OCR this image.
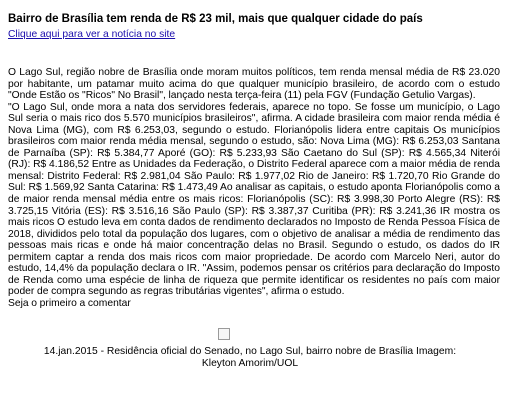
Bairro de Brasília tem renda de R$ 23 mil, mais que qualquer cidade do país
Clique aqui para ver a notícia no site

O Lago Sul, região nobre de Brasília onde moram muitos políticos, tem renda mensal média de R$ 23.020 por habitante, um patamar muito acima do que qualquer município brasileiro, de acordo com o estudo "Onde Estão os "Ricos" No Brasil", lançado nesta terça-feira (11) pela FGV (Fundação Getulio Vargas).

"O Lago Sul, onde mora a nata dos servidores federais, aparece no topo. Se fosse um município, o Lago Sul seria o mais rico dos 5.570 municípios brasileiros", afirma. A cidade brasileira com maior renda média é Nova Lima (MG), com R$ 6.253,03, segundo o estudo. Florianópolis lidera entre capitais Os municípios brasileiros com maior renda média mensal, segundo o estudo, são: Nova Lima (MG): R$ 6.253,03 Santana de Parnaíba (SP): R$ 5.384,77 Aporé (GO): R$ 5.233,93 São Caetano do Sul (SP): R$ 4.565,34 Niterói (RJ): R$ 4.186,52 Entre as Unidades da Federação, o Distrito Federal aparece com a maior média de renda mensal: Distrito Federal: R$ 2.981,04 São Paulo: R$ 1.977,02 Rio de Janeiro: R$ 1.720,70 Rio Grande do Sul: R$ 1.569,92 Santa Catarina: R$ 1.473,49 Ao analisar as capitais, o estudo aponta Florianópolis como a de maior renda mensal média entre os mais ricos: Florianópolis (SC): R$ 3.998,30 Porto Alegre (RS): R$ 3.725,15 Vitória (ES): R$ 3.516,16 São Paulo (SP): R$ 3.387,37 Curitiba (PR): R$ 3.241,36 IR mostra os mais ricos O estudo leva em conta dados de rendimento declarados no Imposto de Renda Pessoa Física de 2018, divididos pelo total da população dos lugares, com o objetivo de analisar a média de rendimento das pessoas mais ricas e onde há maior concentração delas no Brasil. Segundo o estudo, os dados do IR permitem captar a renda dos mais ricos com maior propriedade. De acordo com Marcelo Neri, autor do estudo, 14,4% da população declara o IR. "Assim, podemos pensar os critérios para declaração do Imposto de Renda como uma espécie de linha de riqueza que permite identificar os residentes no país com maior poder de compra segundo as regras tributárias vigentes", afirma o estudo.

Seja o primeiro a comentar
14.jan.2015 - Residência oficial do Senado, no Lago Sul, bairro nobre de Brasília Imagem:
Kleyton Amorim/UOL
